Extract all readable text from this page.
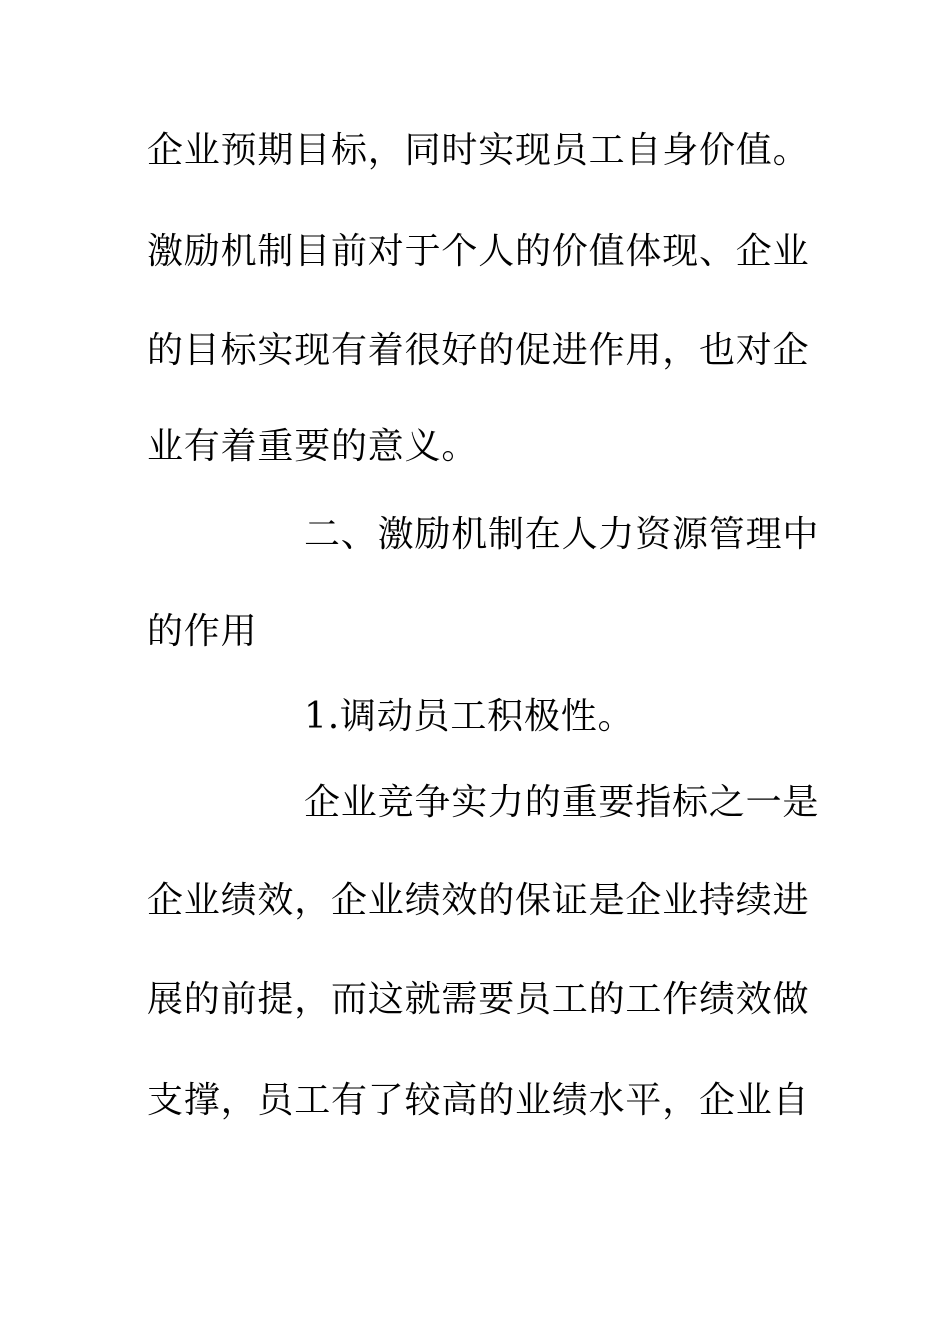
企业预期目标，同时实现员工自身价值。
激励机制目前对于个人的价值体现、企业
的目标实现有着很好的促进作用，也对企
业有着重要的意义。
二、激励机制在人力资源管理中
的作用
1.调动员工积极性。
企业竞争实力的重要指标之一是
企业绩效，企业绩效的保证是企业持续进
展的前提，而这就需要员工的工作绩效做
支撑，员工有了较高的业绩水平，企业自
